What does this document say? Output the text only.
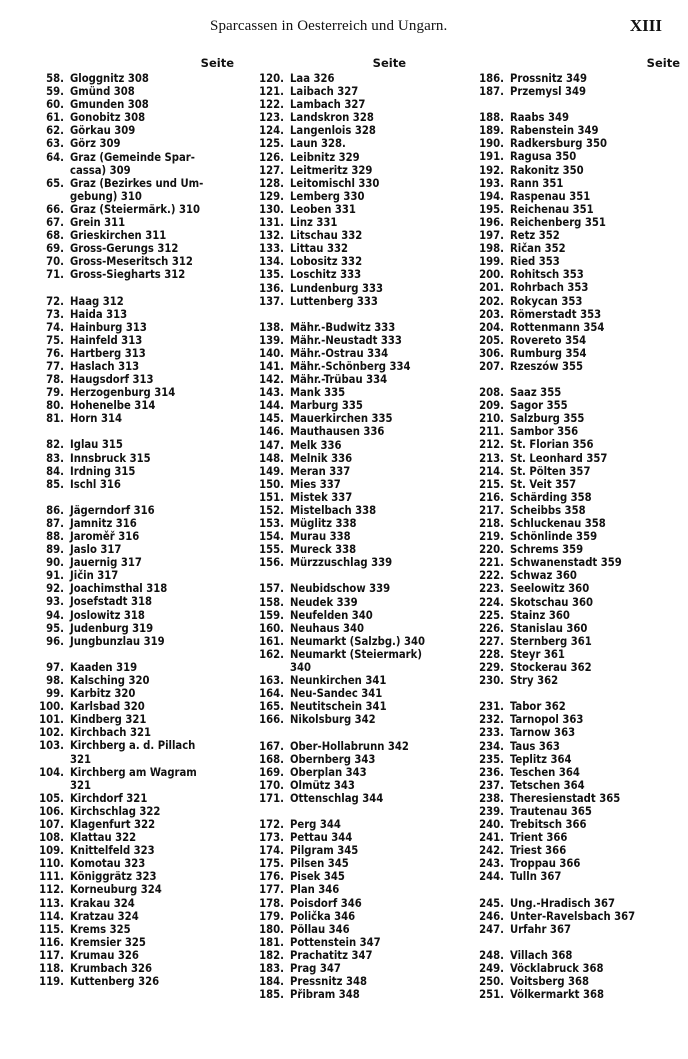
Sparcassen in Oesterreich und Ungarn.	XIII
Seite
58. Gloggnitz 308
59. Gmünd 308
60. Gmunden 308
61. Gonobitz 308
62. Görkau 309
63. Görz 309
64. Graz (Gemeinde Spar-
cassa) 309
65. Graz (Bezirkes und Um-
gebung) 310
66. Graz (Steiermärk.) 310
67. Grein 311
68. Grieskirchen 311
69. Gross-Gerungs 312
70. Gross-Meseritsch 312
71. Gross-Siegharts 312
72. Haag 312
73. Haida 313
74. Hainburg 313
75. Hainfeld 313
76. Hartberg 313
77. Haslach 313
78. Haugsdorf 313
79. Herzogenburg 314
80. Hohenelbe 314
81. Horn 314
82. Iglau 315
83. Innsbruck 315
84. Irdning 315
85. Ischl 316
86. Jägerndorf 316
87. Jamnitz 316
88. Jaroměř 316
89. Jaslo 317
90. Jauernig 317
91. Jičin 317
92. Joachimsthal 318
93. Josefstadt 318
94. Joslowitz 318
95. Judenburg 319
96. Jungbunzlau 319
97. Kaaden 319
98. Kalsching 320
99. Karbitz 320
100. Karlsbad 320
101. Kindberg 321
102. Kirchbach 321
103. Kirchberg a. d. Pillach
321
104. Kirchberg am Wagram
321
105. Kirchdorf 321
106. Kirchschlag 322
107. Klagenfurt 322
108. Klattau 322
109. Knittelfeld 323
110. Komotau 323
111. Königgrätz 323
112. Korneuburg 324
113. Krakau 324
114. Kratzau 324
115. Krems 325
116. Kremsier 325
117. Krumau 326
118. Krumbach 326
119. Kuttenberg 326
Seite
120. Laa 326
121. Laibach 327
122. Lambach 327
123. Landskron 328
124. Langenlois 328
125. Laun 328.
126. Leibnitz 329
127. Leitmeritz 329
128. Leitomischl 330
129. Lemberg 330
130. Leoben 331
131. Linz 331
132. Litschau 332
133. Littau 332
134. Lobositz 332
135. Loschitz 333
136. Lundenburg 333
137. Luttenberg 333
138. Mähr.-Budwitz 333
139. Mähr.-Neustadt 333
140. Mähr.-Ostrau 334
141. Mähr.-Schönberg 334
142. Mähr.-Trübau 334
143. Mank 335
144. Marburg 335
145. Mauerkirchen 335
146. Mauthausen 336
147. Melk 336
148. Melnik 336
149. Meran 337
150. Mies 337
151. Mistek 337
152. Mistelbach 338
153. Müglitz 338
154. Murau 338
155. Mureck 338
156. Mürzzuschlag 339
157. Neubidschow 339
158. Neudek 339
159. Neufelden 340
160. Neuhaus 340
161. Neumarkt (Salzbg.) 340
162. Neumarkt (Steiermark)
340
163. Neunkirchen 341
164. Neu-Sandec 341
165. Neutitschein 341
166. Nikolsburg 342
167. Ober-Hollabrunn 342
168. Obernberg 343
169. Oberplan 343
170. Olmütz 343
171. Ottenschlag 344
172. Perg 344
173. Pettau 344
174. Pilgram 345
175. Pilsen 345
176. Pisek 345
177. Plan 346
178. Poisdorf 346
179. Polička 346
180. Pöllau 346
181. Pottenstein 347
182. Prachatitz 347
183. Prag 347
184. Pressnitz 348
185. Přibram 348
Seite
186. Prossnitz 349
187. Przemysl 349
188. Raabs 349
189. Rabenstein 349
190. Radkersburg 350
191. Ragusa 350
192. Rakonitz 350
193. Rann 351
194. Raspenau 351
195. Reichenau 351
196. Reichenberg 351
197. Retz 352
198. Ričan 352
199. Ried 353
200. Rohitsch 353
201. Rohrbach 353
202. Rokycan 353
203. Römerstadt 353
204. Rottenmann 354
205. Rovereto 354
306. Rumburg 354
207. Rzeszów 355
208. Saaz 355
209. Sagor 355
210. Salzburg 355
211. Sambor 356
212. St. Florian 356
213. St. Leonhard 357
214. St. Pölten 357
215. St. Veit 357
216. Schärding 358
217. Scheibbs 358
218. Schluckenau 358
219. Schönlinde 359
220. Schrems 359
221. Schwanenstadt 359
222. Schwaz 360
223. Seelowitz 360
224. Skotschau 360
225. Stainz 360
226. Stanislau 360
227. Sternberg 361
228. Steyr 361
229. Stockerau 362
230. Stry 362
231. Tabor 362
232. Tarnopol 363
233. Tarnow 363
234. Taus 363
235. Teplitz 364
236. Teschen 364
237. Tetschen 364
238. Theresienstadt 365
239. Trautenau 365
240. Trebitsch 366
241. Trient 366
242. Triest 366
243. Troppau 366
244. Tulln 367
245. Ung.-Hradisch 367
246. Unter-Ravelsbach 367
247. Urfahr 367
248. Villach 368
249. Vöcklabruck 368
250. Voitsberg 368
251. Völkermarkt 368
